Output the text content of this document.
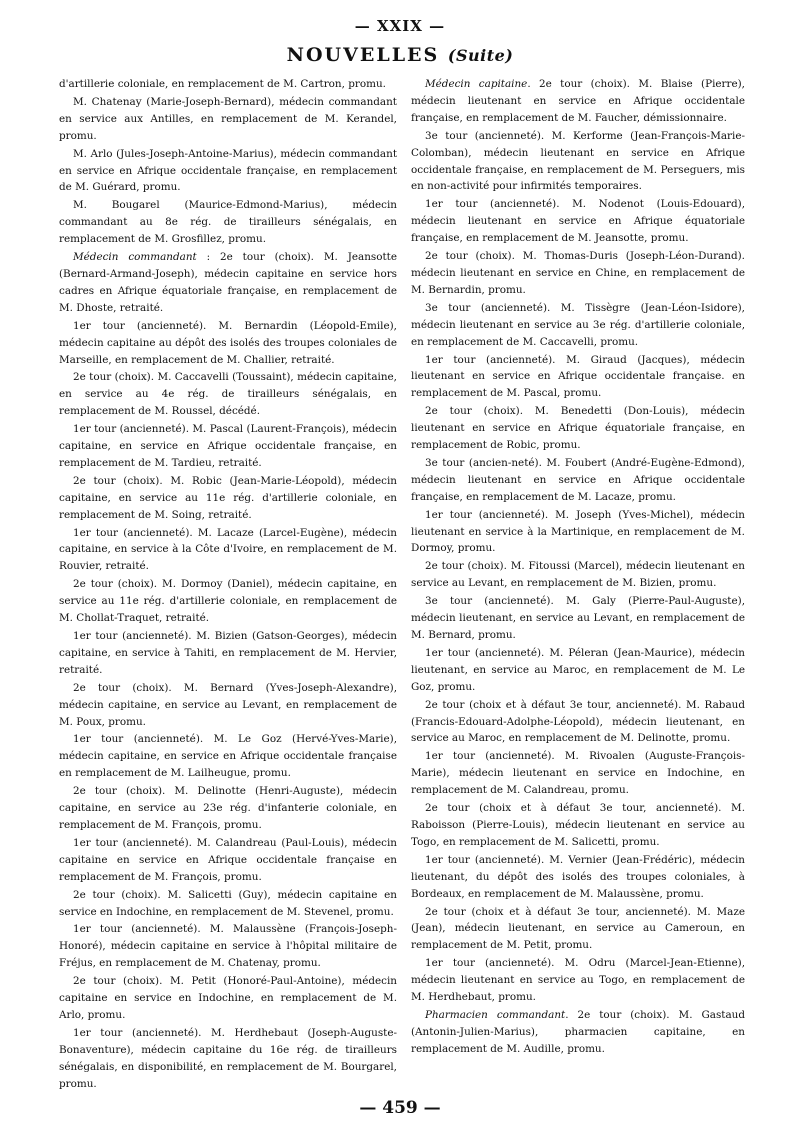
— XXIX —
NOUVELLES (Suite)

d'artillerie coloniale, en remplacement de M. Cartron, promu.

M. Chatenay (Marie-Joseph-Bernard), médecin commandant en service aux Antilles, en remplacement de M. Kerandel, promu.

M. Arlo (Jules-Joseph-Antoine-Marius), médecin commandant en service en Afrique occidentale française, en remplacement de M. Guérard, promu.

M. Bougarel (Maurice-Edmond-Marius), médecin commandant au 8e rég. de tirailleurs sénégalais, en remplacement de M. Grosfillez, promu.

Médecin commandant : 2e tour (choix). M. Jeansotte (Bernard-Armand-Joseph), médecin capitaine en service hors cadres en Afrique équatoriale française, en remplacement de M. Dhoste, retraité.

1er tour (ancienneté). M. Bernardin (Léopold-Emile), médecin capitaine au dépôt des isolés des troupes coloniales de Marseille, en remplacement de M. Challier, retraité.

2e tour (choix). M. Caccavelli (Toussaint), médecin capitaine, en service au 4e rég. de tirailleurs sénégalais, en remplacement de M. Roussel, décédé.

1er tour (ancienneté). M. Pascal (Laurent-François), médecin capitaine, en service en Afrique occidentale française, en remplacement de M. Tardieu, retraité.

2e tour (choix). M. Robic (Jean-Marie-Léopold), médecin capitaine, en service au 11e rég. d'artillerie coloniale, en remplacement de M. Soing, retraité.

1er tour (ancienneté). M. Lacaze (Larcel-Eugène), médecin capitaine, en service à la Côte d'Ivoire, en remplacement de M. Rouvier, retraité.

2e tour (choix). M. Dormoy (Daniel), médecin capitaine, en service au 11e rég. d'artillerie coloniale, en remplacement de M. Chollat-Traquet, retraité.

1er tour (ancienneté). M. Bizien (Gatson-Georges), médecin capitaine, en service à Tahiti, en remplacement de M. Hervier, retraité.

2e tour (choix). M. Bernard (Yves-Joseph-Alexandre), médecin capitaine, en service au Levant, en remplacement de M. Poux, promu.

1er tour (ancienneté). M. Le Goz (Hervé-Yves-Marie), médecin capitaine, en service en Afrique occidentale française en remplacement de M. Lailheugue, promu.

2e tour (choix). M. Delinotte (Henri-Auguste), médecin capitaine, en service au 23e rég. d'infanterie coloniale, en remplacement de M. François, promu.

1er tour (ancienneté). M. Calandreau (Paul-Louis), médecin capitaine en service en Afrique occidentale française en remplacement de M. François, promu.

2e tour (choix). M. Salicetti (Guy), médecin capitaine en service en Indochine, en remplacement de M. Stevenel, promu.

1er tour (ancienneté). M. Malaussène (François-Joseph-Honoré), médecin capitaine en service à l'hôpital militaire de Fréjus, en remplacement de M. Chatenay, promu.

2e tour (choix). M. Petit (Honoré-Paul-Antoine), médecin capitaine en service en Indochine, en remplacement de M. Arlo, promu.

1er tour (ancienneté). M. Herdhebaut (Joseph-Auguste-Bonaventure), médecin capitaine du 16e rég. de tirailleurs sénégalais, en disponibilité, en remplacement de M. Bourgarel, promu.

Médecin capitaine. 2e tour (choix). M. Blaise (Pierre), médecin lieutenant en service en Afrique occidentale française, en remplacement de M. Faucher, démissionnaire.

3e tour (ancienneté). M. Kerforme (Jean-François-Marie-Colomban), médecin lieutenant en service en Afrique occidentale française, en remplacement de M. Perseguers, mis en non-activité pour infirmités temporaires.

1er tour (ancienneté). M. Nodenot (Louis-Edouard), médecin lieutenant en service en Afrique équatoriale française, en remplacement de M. Jeansotte, promu.

2e tour (choix). M. Thomas-Duris (Joseph-Léon-Durand). médecin lieutenant en service en Chine, en remplacement de M. Bernardin, promu.

3e tour (ancienneté). M. Tissègre (Jean-Léon-Isidore), médecin lieutenant en service au 3e rég. d'artillerie coloniale, en remplacement de M. Caccavelli, promu.

1er tour (ancienneté). M. Giraud (Jacques), médecin lieutenant en service en Afrique occidentale française. en remplacement de M. Pascal, promu.

2e tour (choix). M. Benedetti (Don-Louis), médecin lieutenant en service en Afrique équatoriale française, en remplacement de Robic, promu.

3e tour (ancien-neté). M. Foubert (André-Eugène-Edmond), médecin lieutenant en service en Afrique occidentale française, en remplacement de M. Lacaze, promu.

1er tour (ancienneté). M. Joseph (Yves-Michel), médecin lieutenant en service à la Martinique, en remplacement de M. Dormoy, promu.

2e tour (choix). M. Fitoussi (Marcel), médecin lieutenant en service au Levant, en remplacement de M. Bizien, promu.

3e tour (ancienneté). M. Galy (Pierre-Paul-Auguste), médecin lieutenant, en service au Levant, en remplacement de M. Bernard, promu.

1er tour (ancienneté). M. Péleran (Jean-Maurice), médecin lieutenant, en service au Maroc, en remplacement de M. Le Goz, promu.

2e tour (choix et à défaut 3e tour, ancienneté). M. Rabaud (Francis-Edouard-Adolphe-Léopold), médecin lieutenant, en service au Maroc, en remplacement de M. Delinotte, promu.

1er tour (ancienneté). M. Rivoalen (Auguste-François-Marie), médecin lieutenant en service en Indochine, en remplacement de M. Calandreau, promu.

2e tour (choix et à défaut 3e tour, ancienneté). M. Raboisson (Pierre-Louis), médecin lieutenant en service au Togo, en remplacement de M. Salicetti, promu.

1er tour (ancienneté). M. Vernier (Jean-Frédéric), médecin lieutenant, du dépôt des isolés des troupes coloniales, à Bordeaux, en remplacement de M. Malaussène, promu.

2e tour (choix et à défaut 3e tour, ancienneté). M. Maze (Jean), médecin lieutenant, en service au Cameroun, en remplacement de M. Petit, promu.

1er tour (ancienneté). M. Odru (Marcel-Jean-Etienne), médecin lieutenant en service au Togo, en remplacement de M. Herdhebaut, promu.

Pharmacien commandant. 2e tour (choix). M. Gastaud (Antonin-Julien-Marius), pharmacien capitaine, en remplacement de M. Audille, promu.

— 459 —
